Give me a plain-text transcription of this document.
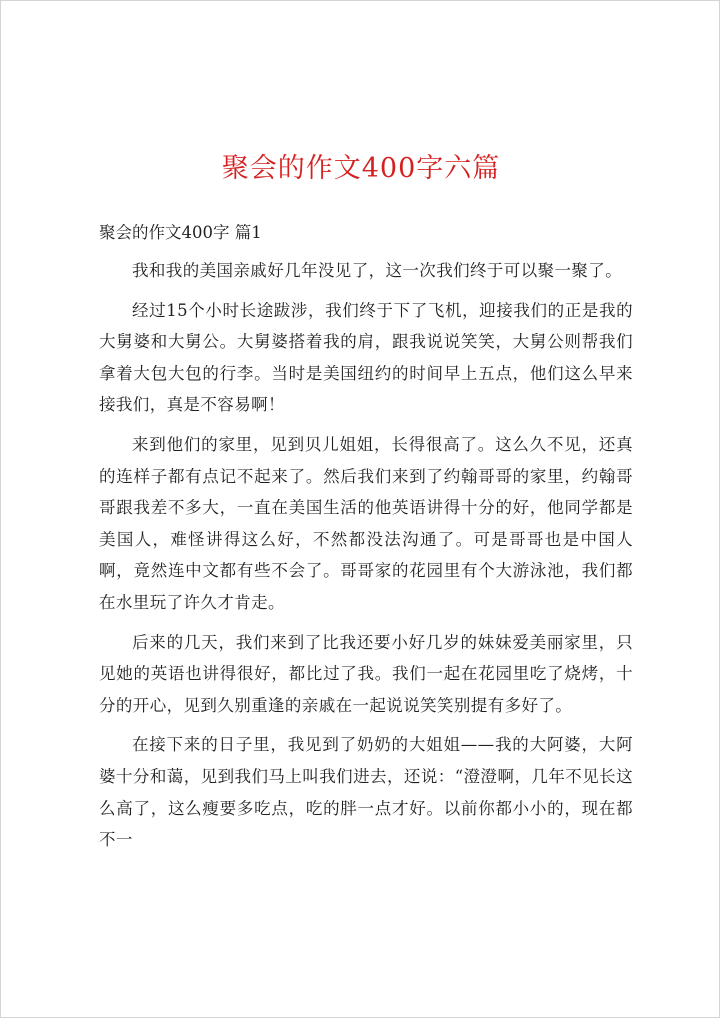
聚会的作文400字六篇
聚会的作文400字 篇1

我和我的美国亲戚好几年没见了，这一次我们终于可以聚一聚了。

经过15个小时长途跋涉，我们终于下了飞机，迎接我们的正是我的大舅婆和大舅公。大舅婆搭着我的肩，跟我说说笑笑，大舅公则帮我们拿着大包大包的行李。当时是美国纽约的时间早上五点，他们这么早来接我们，真是不容易啊！

来到他们的家里，见到贝儿姐姐，长得很高了。这么久不见，还真的连样子都有点记不起来了。然后我们来到了约翰哥哥的家里，约翰哥哥跟我差不多大，一直在美国生活的他英语讲得十分的好，他同学都是美国人，难怪讲得这么好，不然都没法沟通了。可是哥哥也是中国人啊，竟然连中文都有些不会了。哥哥家的花园里有个大游泳池，我们都在水里玩了许久才肯走。

后来的几天，我们来到了比我还要小好几岁的妹妹爱美丽家里，只见她的英语也讲得很好，都比过了我。我们一起在花园里吃了烧烤，十分的开心，见到久别重逢的亲戚在一起说说笑笑别提有多好了。

在接下来的日子里，我见到了奶奶的大姐姐——我的大阿婆，大阿婆十分和蔼，见到我们马上叫我们进去，还说：“澄澄啊，几年不见长这么高了，这么瘦要多吃点，吃的胖一点才好。以前你都小小的，现在都不一
